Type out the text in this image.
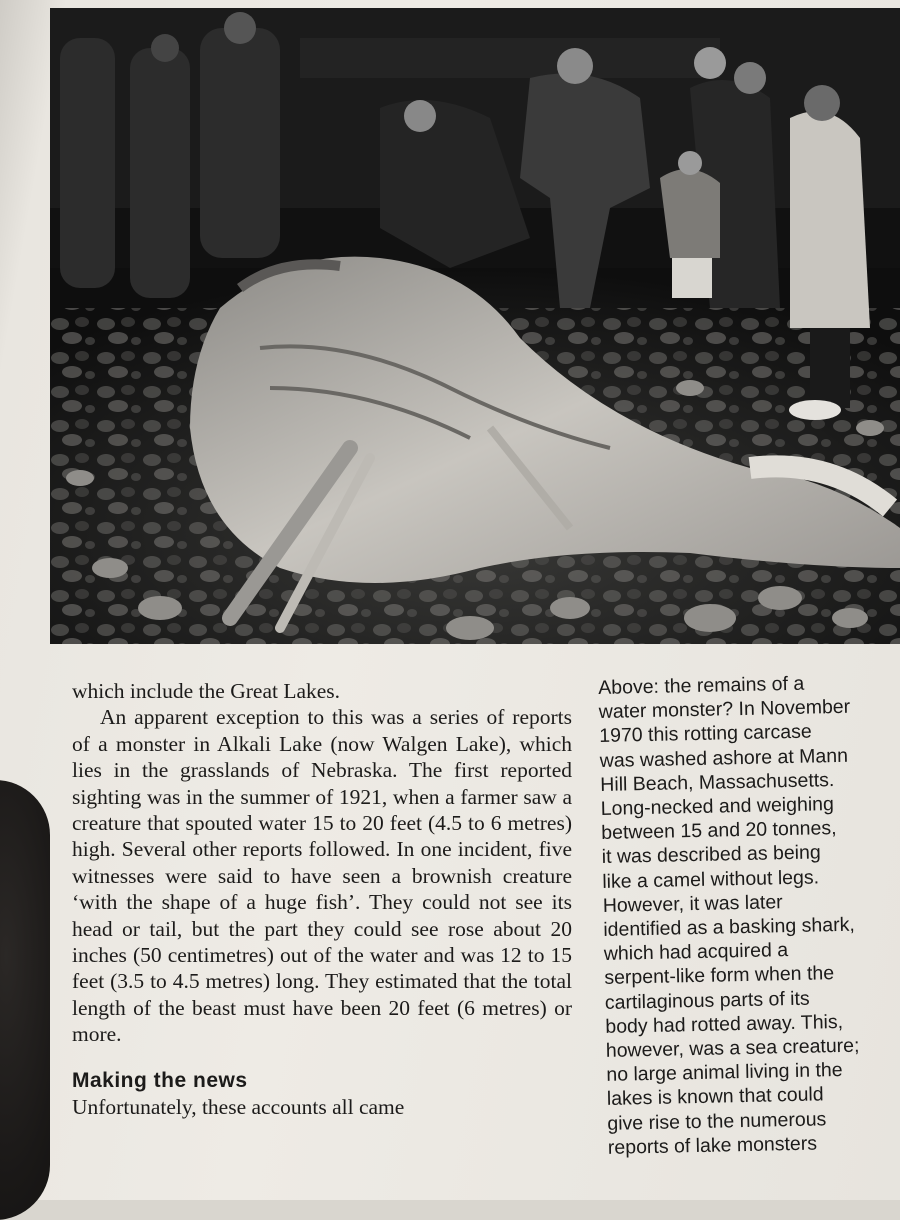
which include the Great Lakes.

An apparent exception to this was a series of reports of a monster in Alkali Lake (now Walgen Lake), which lies in the grasslands of Nebraska. The first reported sighting was in the summer of 1921, when a farmer saw a creature that spouted water 15 to 20 feet (4.5 to 6 metres) high. Several other reports followed. In one incident, five witnesses were said to have seen a brownish creature ‘with the shape of a huge fish’. They could not see its head or tail, but the part they could see rose about 20 inches (50 centimetres) out of the water and was 12 to 15 feet (3.5 to 4.5 metres) long. They estimated that the total length of the beast must have been 20 feet (6 metres) or more.

Making the news

Unfortunately, these accounts all came

Above: the remains of a
water monster? In November
1970 this rotting carcase
was washed ashore at Mann
Hill Beach, Massachusetts.
Long-necked and weighing
between 15 and 20 tonnes,
it was described as being
like a camel without legs.
However, it was later
identified as a basking shark,
which had acquired a
serpent-like form when the
cartilaginous parts of its
body had rotted away. This,
however, was a sea creature;
no large animal living in the
lakes is known that could
give rise to the numerous
reports of lake monsters
